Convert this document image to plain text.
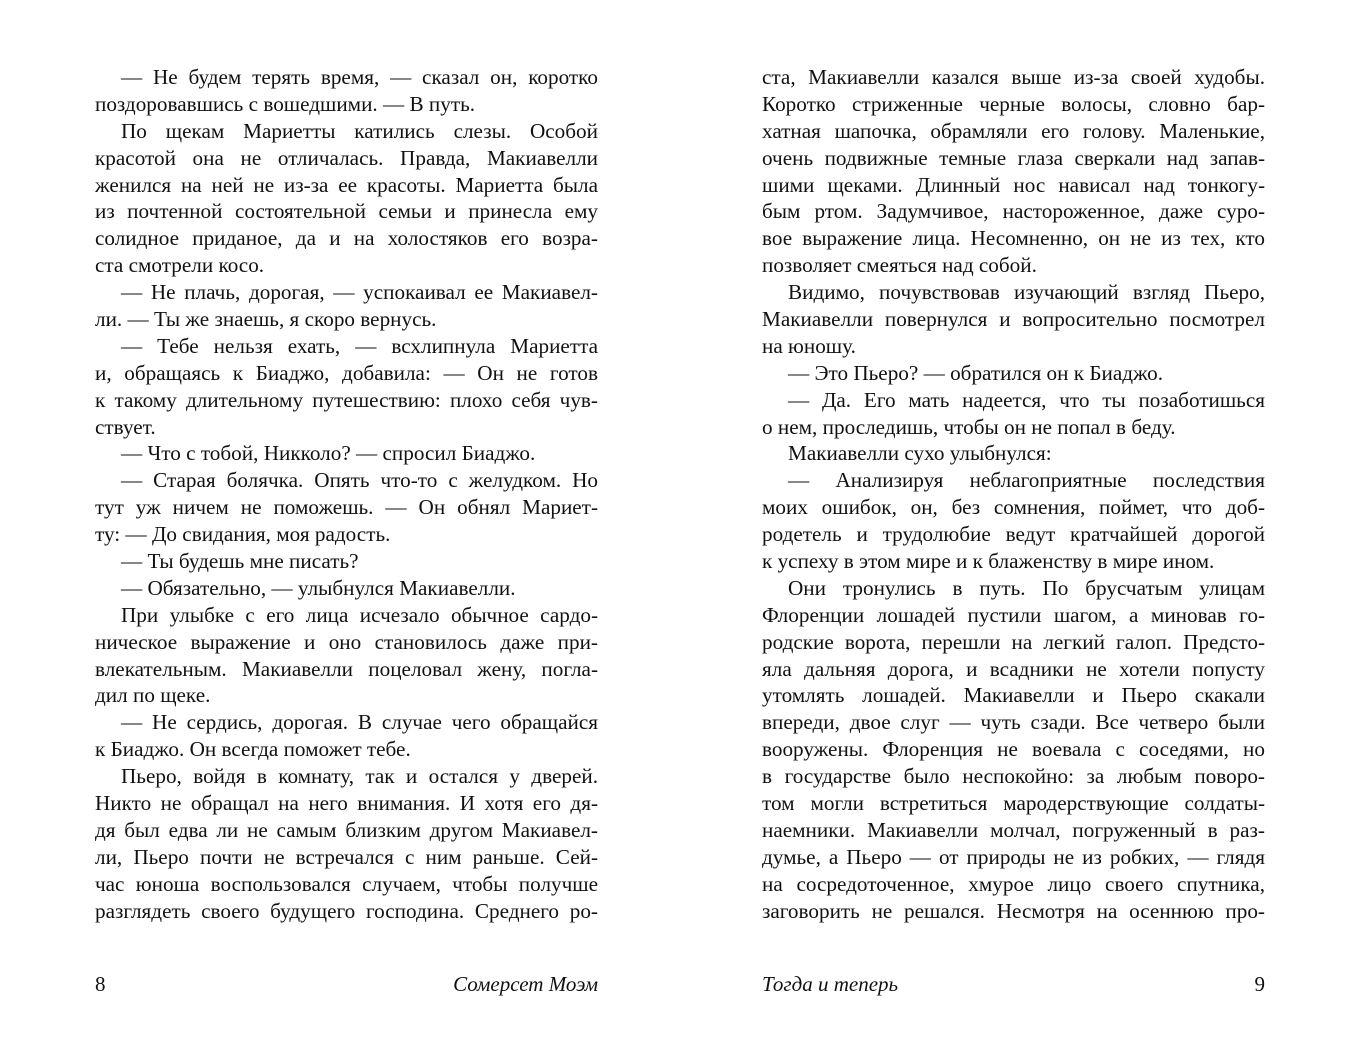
— Не будем терять время, — сказал он, коротко
поздоровавшись с вошедшими. — В путь.
По щекам Мариетты катились слезы. Особой
красотой она не отличалась. Правда, Макиавелли
женился на ней не из-за ее красоты. Мариетта была
из почтенной состоятельной семьи и принесла ему
солидное приданое, да и на холостяков его возра-
ста смотрели косо.
— Не плачь, дорогая, — успокаивал ее Макиавел-
ли. — Ты же знаешь, я скоро вернусь.
— Тебе нельзя ехать, — всхлипнула Мариетта
и, обращаясь к Биаджо, добавила: — Он не готов
к такому длительному путешествию: плохо себя чув-
ствует.
— Что с тобой, Никколо? — спросил Биаджо.
— Старая болячка. Опять что-то с желудком. Но
тут уж ничем не поможешь. — Он обнял Мариет-
ту: — До свидания, моя радость.
— Ты будешь мне писать?
— Обязательно, — улыбнулся Макиавелли.
При улыбке с его лица исчезало обычное сардо-
ническое выражение и оно становилось даже при-
влекательным. Макиавелли поцеловал жену, погла-
дил по щеке.
— Не сердись, дорогая. В случае чего обращайся
к Биаджо. Он всегда поможет тебе.
Пьеро, войдя в комнату, так и остался у дверей.
Никто не обращал на него внимания. И хотя его дя-
дя был едва ли не самым близким другом Макиавел-
ли, Пьеро почти не встречался с ним раньше. Сей-
час юноша воспользовался случаем, чтобы получше
разглядеть своего будущего господина. Среднего ро-
ста, Макиавелли казался выше из-за своей худобы.
Коротко стриженные черные волосы, словно бар-
хатная шапочка, обрамляли его голову. Маленькие,
очень подвижные темные глаза сверкали над запав-
шими щеками. Длинный нос нависал над тонкогу-
бым ртом. Задумчивое, настороженное, даже суро-
вое выражение лица. Несомненно, он не из тех, кто
позволяет смеяться над собой.
Видимо, почувствовав изучающий взгляд Пьеро,
Макиавелли повернулся и вопросительно посмотрел
на юношу.
— Это Пьеро? — обратился он к Биаджо.
— Да. Его мать надеется, что ты позаботишься
о нем, проследишь, чтобы он не попал в беду.
Макиавелли сухо улыбнулся:
— Анализируя неблагоприятные последствия
моих ошибок, он, без сомнения, поймет, что доб-
родетель и трудолюбие ведут кратчайшей дорогой
к успеху в этом мире и к блаженству в мире ином.
Они тронулись в путь. По брусчатым улицам
Флоренции лошадей пустили шагом, а миновав го-
родские ворота, перешли на легкий галоп. Предсто-
яла дальняя дорога, и всадники не хотели попусту
утомлять лошадей. Макиавелли и Пьеро скакали
впереди, двое слуг — чуть сзади. Все четверо были
вооружены. Флоренция не воевала с соседями, но
в государстве было неспокойно: за любым поворо-
том могли встретиться мародерствующие солдаты-
наемники. Макиавелли молчал, погруженный в раз-
думье, а Пьеро — от природы не из робких, — глядя
на сосредоточенное, хмурое лицо своего спутника,
заговорить не решался. Несмотря на осеннюю про-
8	Сомерсет Моэм	Тогда и теперь	9
